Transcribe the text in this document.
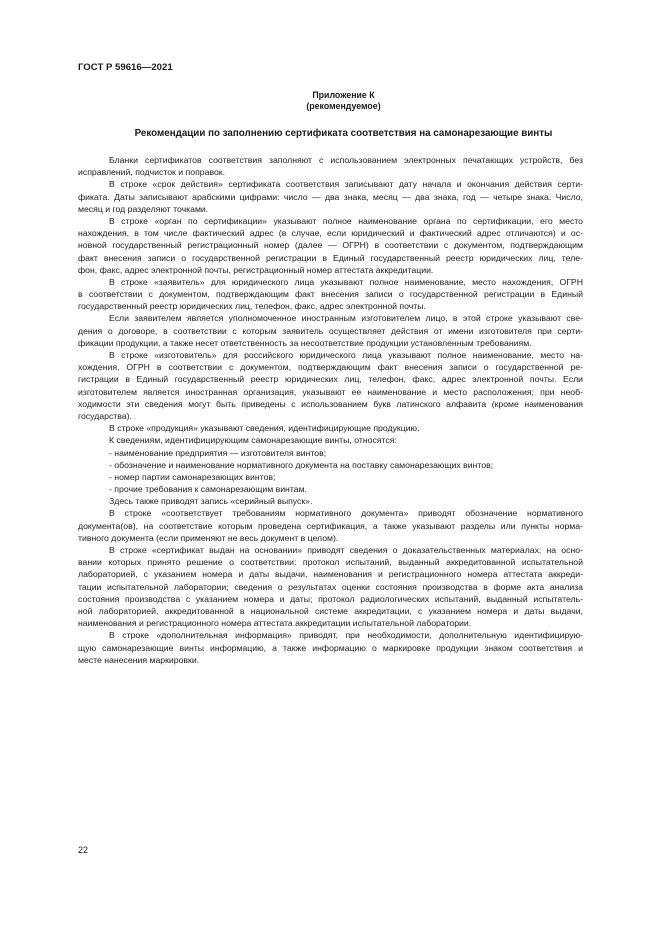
ГОСТ Р 59616—2021
Приложение К
(рекомендуемое)
Рекомендации по заполнению сертификата соответствия на самонарезающие винты
Бланки сертификатов соответствия заполняют с использованием электронных печатающих устройств, без
исправлений, подчисток и поправок.
В строке «срок действия» сертификата соответствия записывают дату начала и окончания действия серти-
фиката. Даты записывают арабскими цифрами: число — два знака, месяц — два знака, год — четыре знака. Число,
месяц и год разделяют точками.
В строке «орган по сертификации» указывают полное наименование органа по сертификации, его место
нахождения, в том числе фактический адрес (в случае, если юридический и фактический адрес отличаются) и ос-
новной государственный регистрационный номер (далее — ОГРН) в соответствии с документом, подтверждающим
факт внесения записи о государственной регистрации в Единый государственный реестр юридических лиц, теле-
фон, факс, адрес электронной почты, регистрационный номер аттестата аккредитации.
В строке «заявитель» для юридического лица указывают полное наименование, место нахождения, ОГРН
в соответствии с документом, подтверждающим факт внесения записи о государственной регистрации в Единый
государственный реестр юридических лиц, телефон, факс, адрес электронной почты.
Если заявителем является уполномоченное иностранным изготовителем лицо, в этой строке указывают све-
дения о договоре, в соответствии с которым заявитель осуществляет действия от имени изготовителя при серти-
фикации продукции, а также несет ответственность за несоответствие продукции установленным требованиям.
В строке «изготовитель» для российского юридического лица указывают полное наименование, место на-
хождения, ОГРН в соответствии с документом, подтверждающим факт внесения записи о государственной ре-
гистрации в Единый государственный реестр юридических лиц, телефон, факс, адрес электронной почты. Если
изготовителем является иностранная организация, указывают ее наименование и место расположения; при необ-
ходимости эти сведения могут быть приведены с использованием букв латинского алфавита (кроме наименования
государства).
В строке «продукция» указывают сведения, идентифицирующие продукцию.
К сведениям, идентифицирующим самонарезающие винты, относятся:
- наименование предприятия — изготовителя винтов;
- обозначение и наименование нормативного документа на поставку самонарезающих винтов;
- номер партии самонарезающих винтов;
- прочие требования к самонарезающим винтам.
Здесь также приводят запись «серийный выпуск».
В строке «соответствует требованиям нормативного документа» приводят обозначение нормативного
документа(ов), на соответствие которым проведена сертификация, а также указывают разделы или пункты норма-
тивного документа (если применяют не весь документ в целом).
В строке «сертификат выдан на основании» приводят сведения о доказательственных материалах, на осно-
вании которых принято решение о соответствии: протокол испытаний, выданный аккредитованной испытательной
лабораторией, с указанием номера и даты выдачи, наименования и регистрационного номера аттестата аккреди-
тации испытательной лаборатории; сведения о результатах оценки состояния производства в форме акта анализа
состояния производства с указанием номера и даты; протокол радиологических испытаний, выданный испытатель-
ной лабораторией, аккредитованной в национальной системе аккредитации, с указанием номера и даты выдачи,
наименования и регистрационного номера аттестата аккредитации испытательной лаборатории.
В строке «дополнительная информация» приводят, при необходимости, дополнительную идентифицирую-
щую самонарезающие винты информацию, а также информацию о маркировке продукции знаком соответствия и
месте нанесения маркировки.
22
